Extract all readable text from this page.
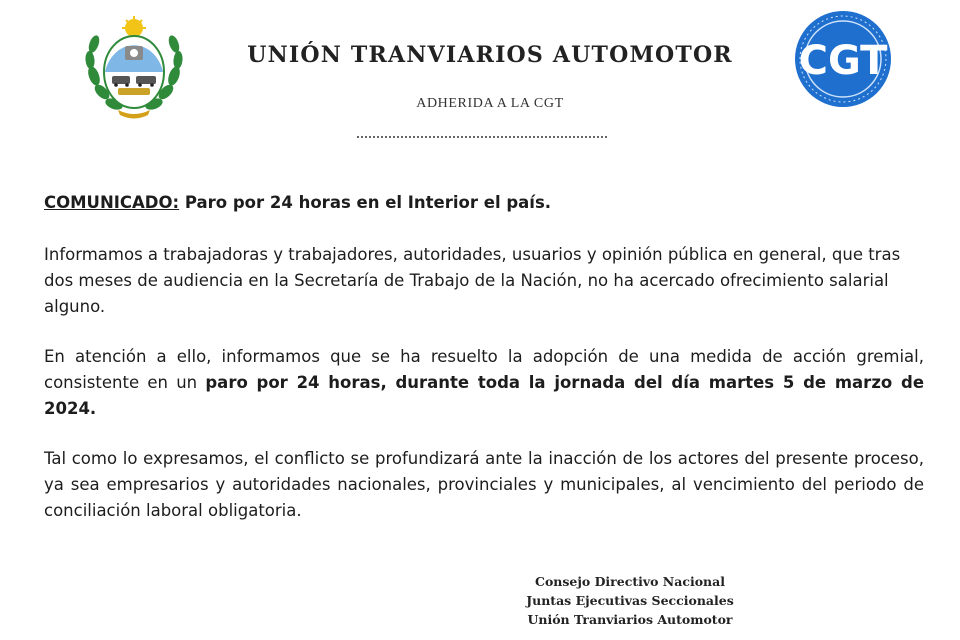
UNIÓN TRANVIARIOS AUTOMOTOR
ADHERIDA A LA CGT
CGT
COMUNICADO: Paro por 24 horas en el Interior el país.
Informamos a trabajadoras y trabajadores, autoridades, usuarios y opinión pública en general, que tras dos meses de audiencia en la Secretaría de Trabajo de la Nación, no ha acercado ofrecimiento salarial alguno.
En atención a ello, informamos que se ha resuelto la adopción de una medida de acción gremial, consistente en un paro por 24 horas, durante toda la jornada del día martes 5 de marzo de 2024.
Tal como lo expresamos, el conflicto se profundizará ante la inacción de los actores del presente proceso, ya sea empresarios y autoridades nacionales, provinciales y municipales, al vencimiento del periodo de conciliación laboral obligatoria.
Consejo Directivo Nacional
Juntas Ejecutivas Seccionales
Unión Tranviarios Automotor
